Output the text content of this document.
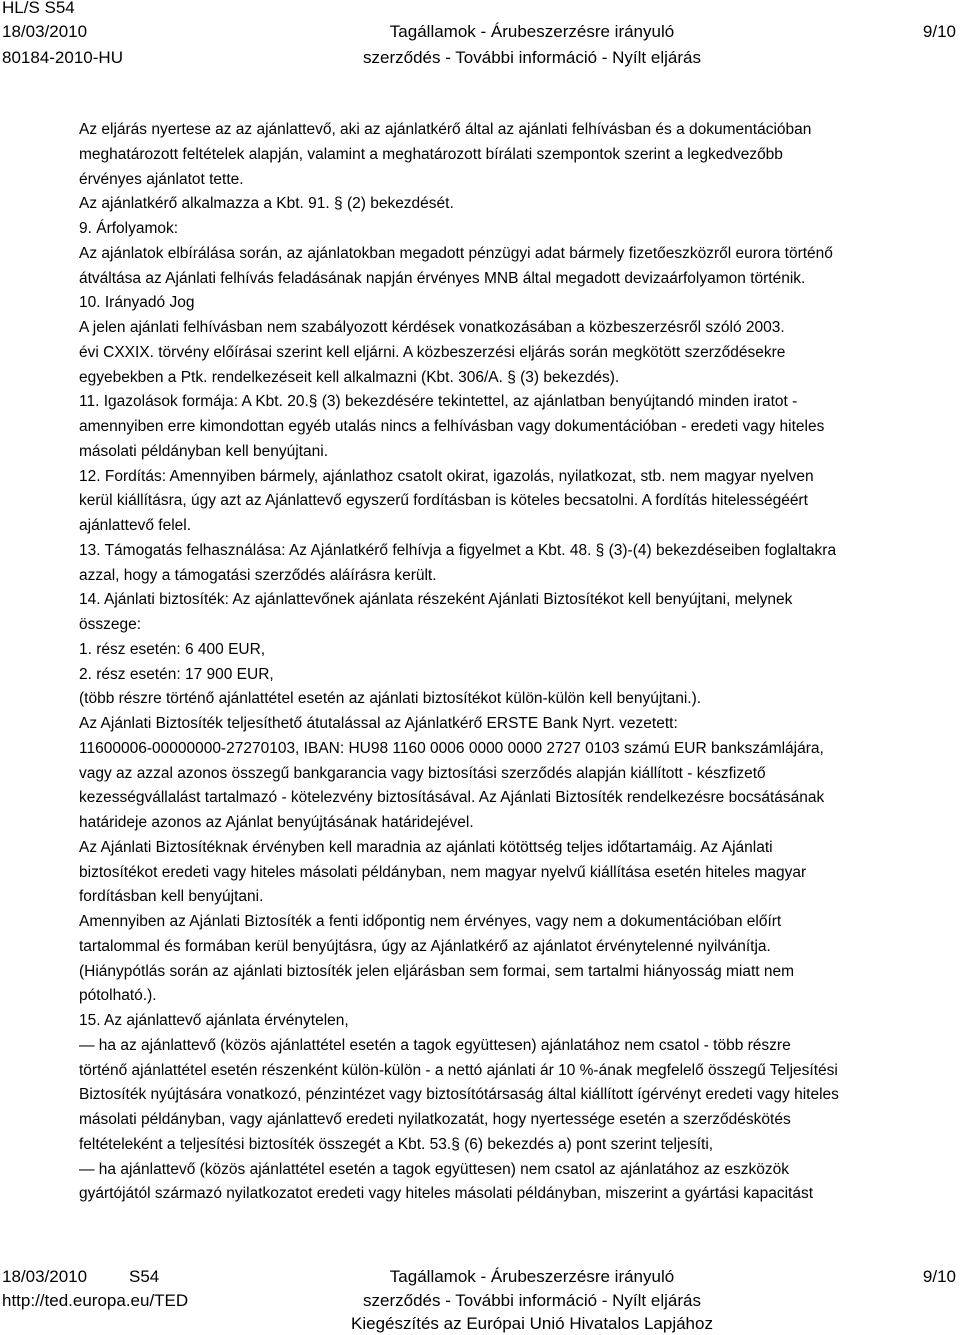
HL/S S54
18/03/2010
80184-2010-HU
Tagállamok - Árubeszerzésre irányuló
szerződés - További információ - Nyílt eljárás
9/10

Az eljárás nyertese az az ajánlattevő, aki az ajánlatkérő által az ajánlati felhívásban és a dokumentációban

meghatározott feltételek alapján, valamint a meghatározott bírálati szempontok szerint a legkedvezőbb

érvényes ajánlatot tette.

Az ajánlatkérő alkalmazza a Kbt. 91. § (2) bekezdését.

9. Árfolyamok:

Az ajánlatok elbírálása során, az ajánlatokban megadott pénzügyi adat bármely fizetőeszközről eurora történő

átváltása az Ajánlati felhívás feladásának napján érvényes MNB által megadott devizaárfolyamon történik.

10. Irányadó Jog

A jelen ajánlati felhívásban nem szabályozott kérdések vonatkozásában a közbeszerzésről szóló 2003.

évi CXXIX. törvény előírásai szerint kell eljárni. A közbeszerzési eljárás során megkötött szerződésekre

egyebekben a Ptk. rendelkezéseit kell alkalmazni (Kbt. 306/A. § (3) bekezdés).

11. Igazolások formája: A Kbt. 20.§ (3) bekezdésére tekintettel, az ajánlatban benyújtandó minden iratot -

amennyiben erre kimondottan egyéb utalás nincs a felhívásban vagy dokumentációban - eredeti vagy hiteles

másolati példányban kell benyújtani.

12. Fordítás: Amennyiben bármely, ajánlathoz csatolt okirat, igazolás, nyilatkozat, stb. nem magyar nyelven

kerül kiállításra, úgy azt az Ajánlattevő egyszerű fordításban is köteles becsatolni. A fordítás hitelességéért

ajánlattevő felel.

13. Támogatás felhasználása: Az Ajánlatkérő felhívja a figyelmet a Kbt. 48. § (3)-(4) bekezdéseiben foglaltakra

azzal, hogy a támogatási szerződés aláírásra került.

14. Ajánlati biztosíték: Az ajánlattevőnek ajánlata részeként Ajánlati Biztosítékot kell benyújtani, melynek

összege:

1. rész esetén: 6 400 EUR,

2. rész esetén: 17 900 EUR,

(több részre történő ajánlattétel esetén az ajánlati biztosítékot külön-külön kell benyújtani.).

Az Ajánlati Biztosíték teljesíthető átutalással az Ajánlatkérő ERSTE Bank Nyrt. vezetett:

11600006-00000000-27270103, IBAN: HU98 1160 0006 0000 0000 2727 0103 számú EUR bankszámlájára,

vagy az azzal azonos összegű bankgarancia vagy biztosítási szerződés alapján kiállított - készfizető

kezességvállalást tartalmazó - kötelezvény biztosításával. Az Ajánlati Biztosíték rendelkezésre bocsátásának

határideje azonos az Ajánlat benyújtásának határidejével.

Az Ajánlati Biztosítéknak érvényben kell maradnia az ajánlati kötöttség teljes időtartamáig. Az Ajánlati

biztosítékot eredeti vagy hiteles másolati példányban, nem magyar nyelvű kiállítása esetén hiteles magyar

fordításban kell benyújtani.

Amennyiben az Ajánlati Biztosíték a fenti időpontig nem érvényes, vagy nem a dokumentációban előírt

tartalommal és formában kerül benyújtásra, úgy az Ajánlatkérő az ajánlatot érvénytelenné nyilvánítja.

(Hiánypótlás során az ajánlati biztosíték jelen eljárásban sem formai, sem tartalmi hiányosság miatt nem

pótolható.).

15. Az ajánlattevő ajánlata érvénytelen,

— ha az ajánlattevő (közös ajánlattétel esetén a tagok együttesen) ajánlatához nem csatol - több részre

történő ajánlattétel esetén részenként külön-külön - a nettó ajánlati ár 10 %-ának megfelelő összegű Teljesítési

Biztosíték nyújtására vonatkozó, pénzintézet vagy biztosítótársaság által kiállított ígérvényt eredeti vagy hiteles

másolati példányban, vagy ajánlattevő eredeti nyilatkozatát, hogy nyertessége esetén a szerződéskötés

feltételeként a teljesítési biztosíték összegét a Kbt. 53.§ (6) bekezdés a) pont szerint teljesíti,

— ha ajánlattevő (közös ajánlattétel esetén a tagok együttesen) nem csatol az ajánlatához az eszközök

gyártójától származó nyilatkozatot eredeti vagy hiteles másolati példányban, miszerint a gyártási kapacitást

18/03/2010 S54
http://ted.europa.eu/TED
Tagállamok - Árubeszerzésre irányuló
szerződés - További információ - Nyílt eljárás
Kiegészítés az Európai Unió Hivatalos Lapjához
9/10
